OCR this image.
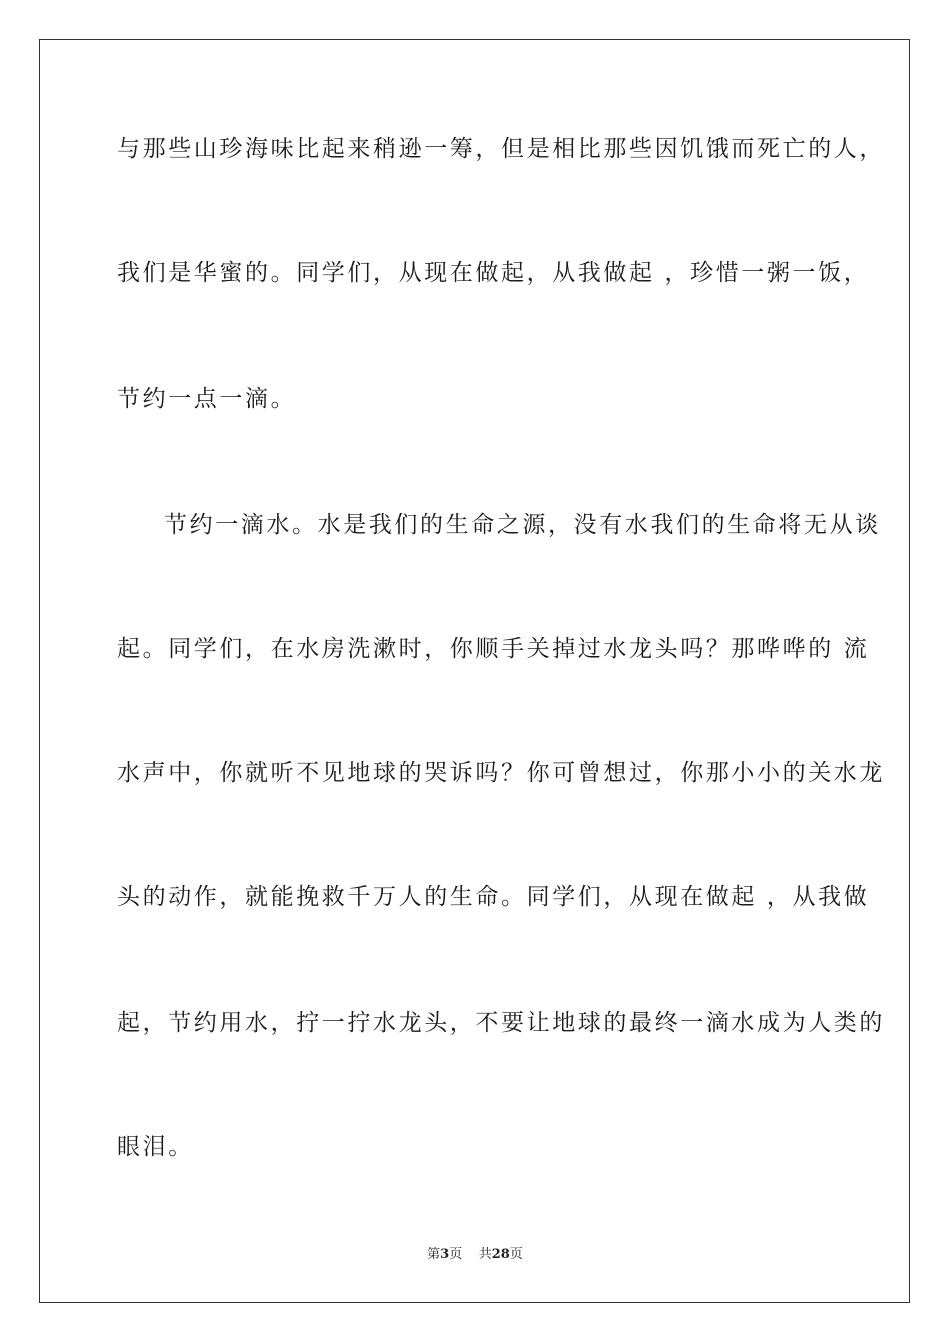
与那些山珍海味比起来稍逊一筹，但是相比那些因饥饿而死亡的人，
我们是华蜜的。同学们，从现在做起，从我做起 ，珍惜一粥一饭，
节约一点一滴。
节约一滴水。水是我们的生命之源，没有水我们的生命将无从谈
起。同学们，在水房洗漱时，你顺手关掉过水龙头吗？那哗哗的 流
水声中，你就听不见地球的哭诉吗？你可曾想过，你那小小的关水龙
头的动作，就能挽救千万人的生命。同学们，从现在做起 ，从我做
起，节约用水，拧一拧水龙头，不要让地球的最终一滴水成为人类的
眼泪。
第3页 共28页
